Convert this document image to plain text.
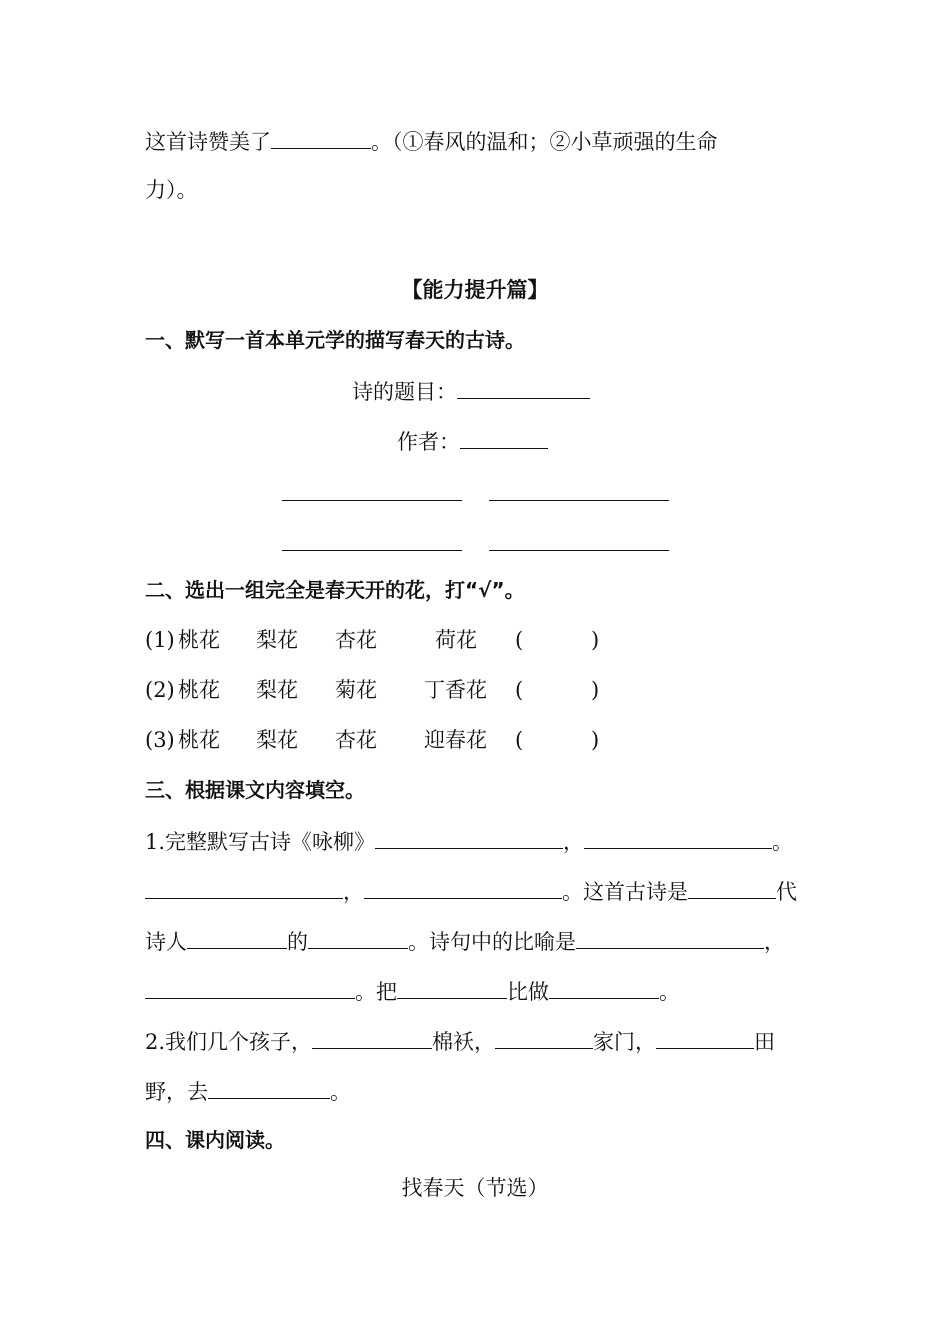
这首诗赞美了	。（①春风的温和；②小草顽强的生命
力）。
【能力提升篇】
一、默写一首本单元学的描写春天的古诗。
诗的题目：
作者：
二、选出一组完全是春天开的花，打“√”。
(1) 桃花 梨花 杏花	荷花 (	)
(2) 桃花 梨花 菊花 丁香花 (	)
(3) 桃花 梨花 杏花 迎春花 (	)
三、根据课文内容填空。
1.完整默写古诗《咏柳》	，	。
，	。这首古诗是	代
诗人	的	。诗句中的比喻是	，
。把	比做	。
2.我们几个孩子，	棉袄，	家门，	田
野，去	。
四、课内阅读。
找春天（节选）
